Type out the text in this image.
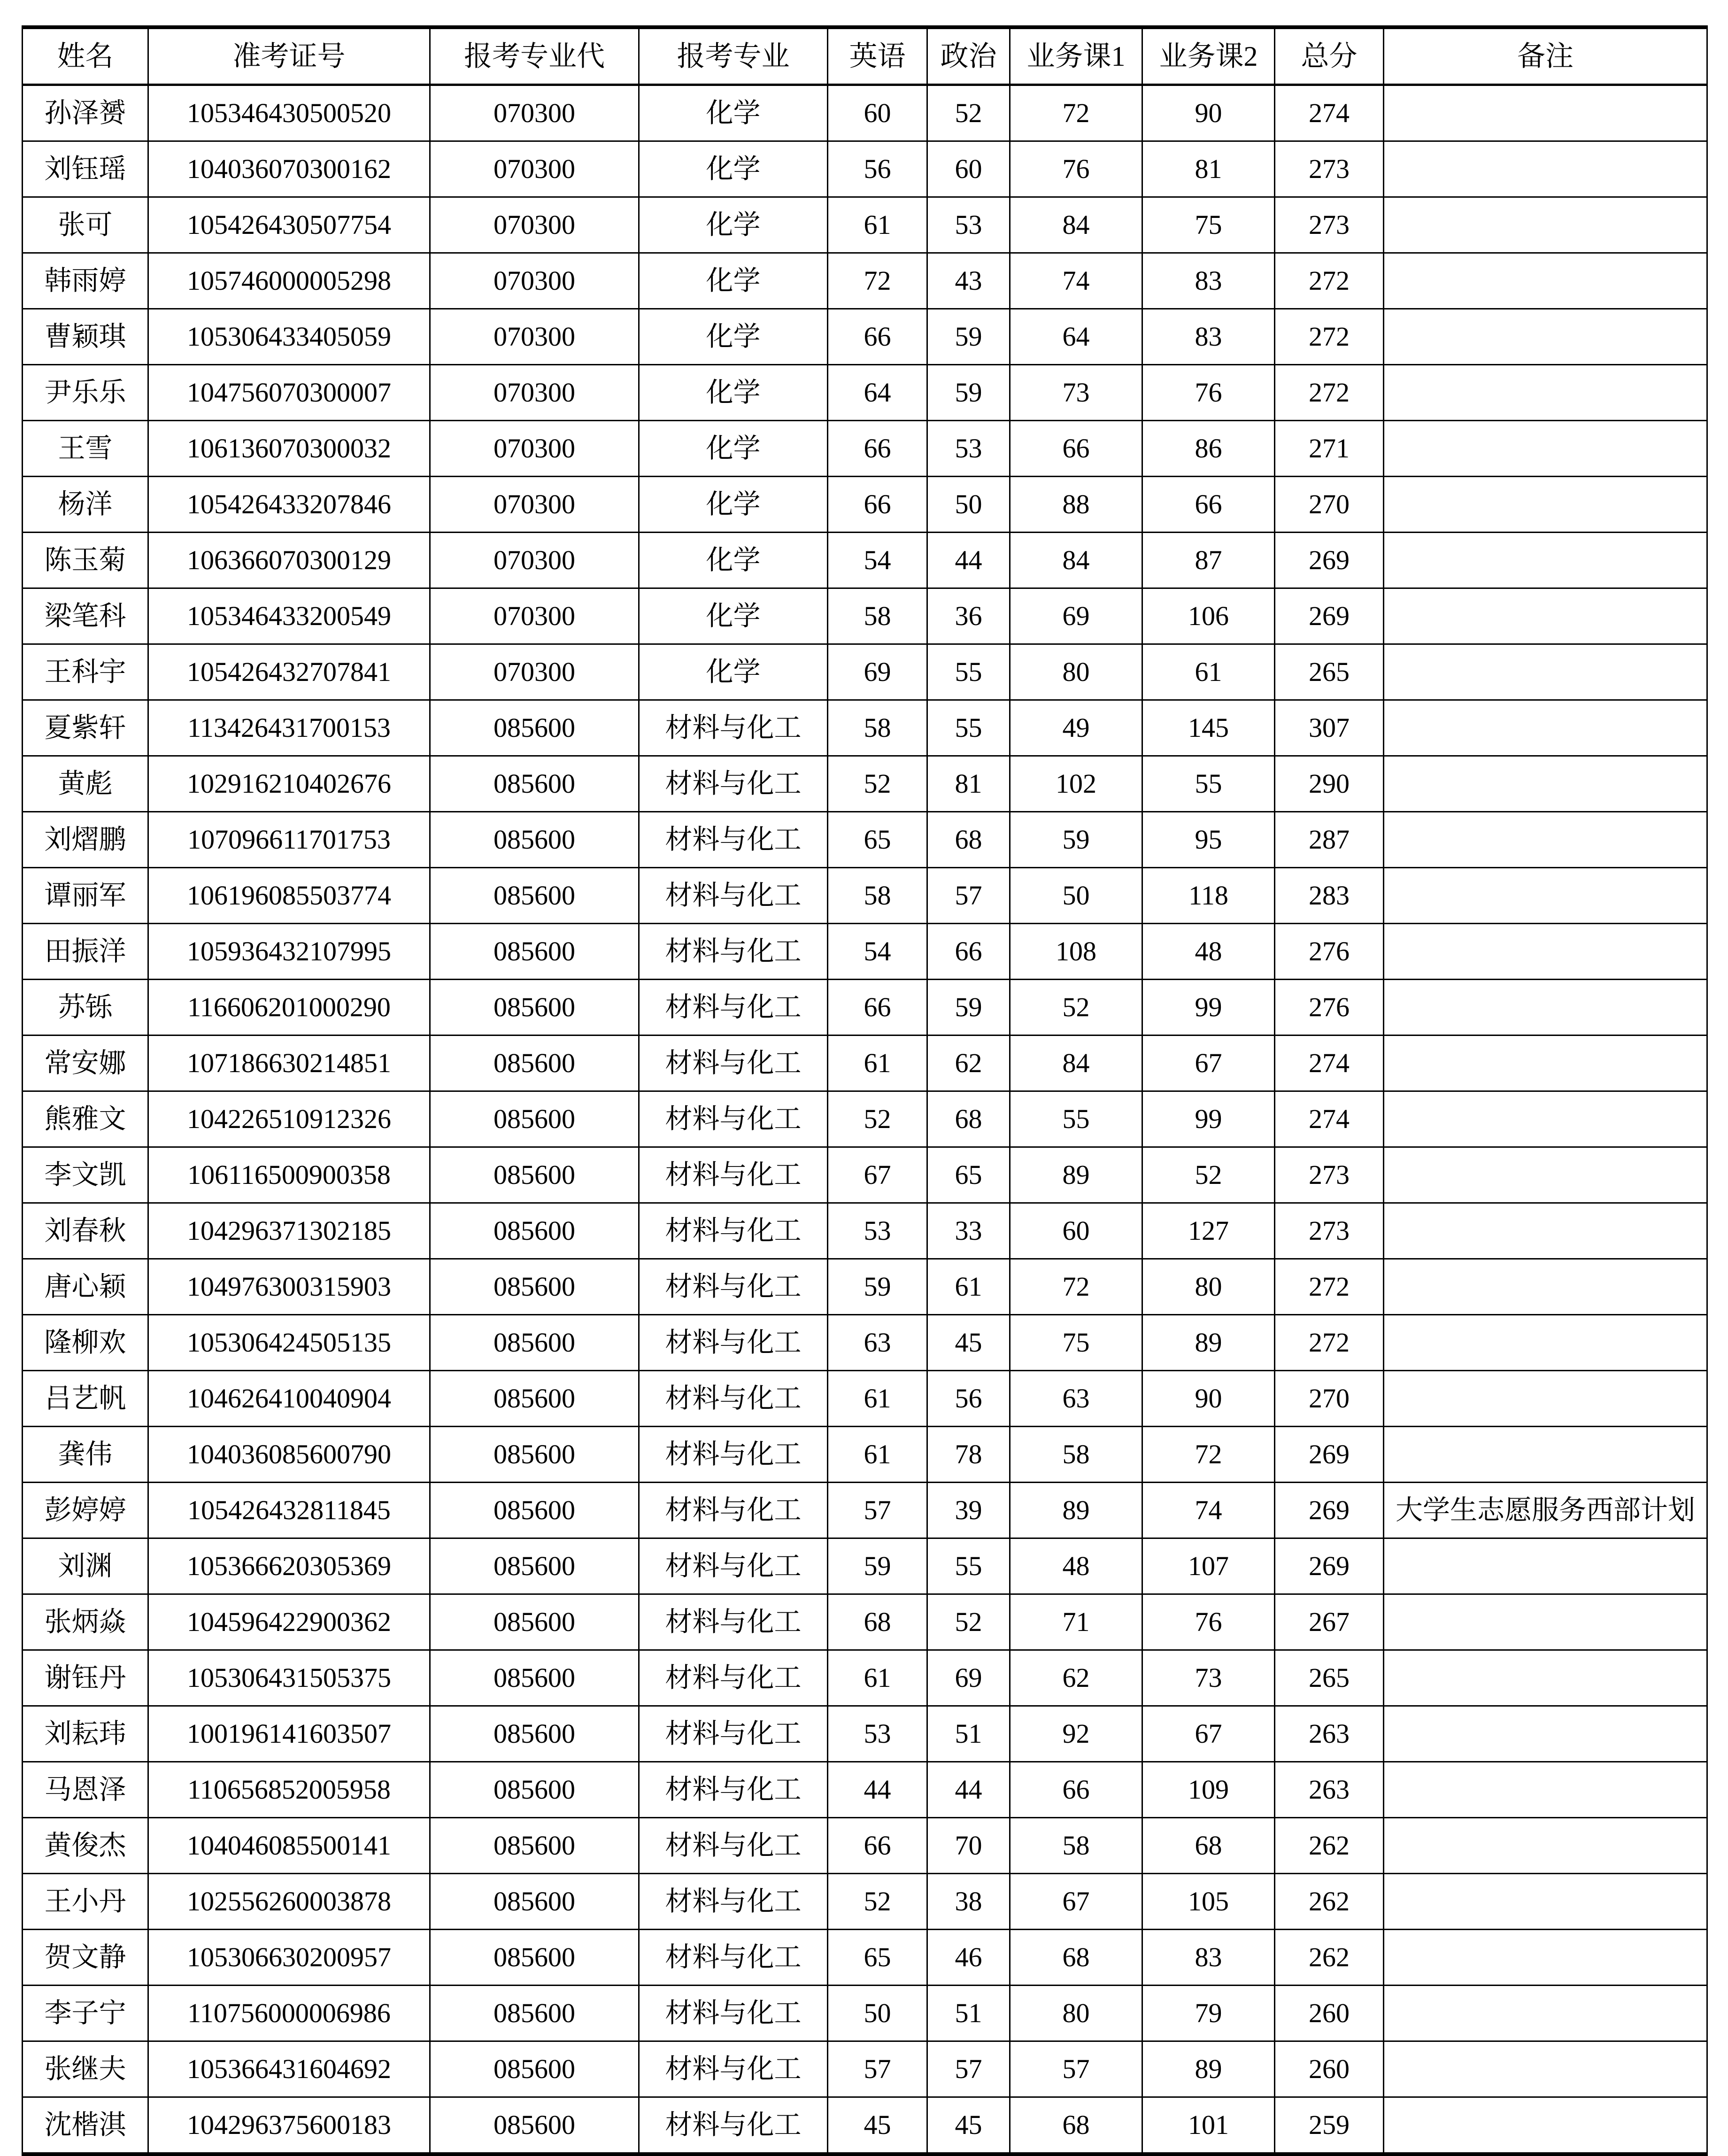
姓名	准考证号	报考专业代	报考专业	英语	政治	业务课1	业务课2	总分	备注
孙泽赟	105346430500520	070300	化学	60	52	72	90	274	
刘钰瑶	104036070300162	070300	化学	56	60	76	81	273	
张可	105426430507754	070300	化学	61	53	84	75	273	
韩雨婷	105746000005298	070300	化学	72	43	74	83	272	
曹颖琪	105306433405059	070300	化学	66	59	64	83	272	
尹乐乐	104756070300007	070300	化学	64	59	73	76	272	
王雪	106136070300032	070300	化学	66	53	66	86	271	
杨洋	105426433207846	070300	化学	66	50	88	66	270	
陈玉菊	106366070300129	070300	化学	54	44	84	87	269	
梁笔科	105346433200549	070300	化学	58	36	69	106	269	
王科宇	105426432707841	070300	化学	69	55	80	61	265	
夏紫轩	113426431700153	085600	材料与化工	58	55	49	145	307	
黄彪	102916210402676	085600	材料与化工	52	81	102	55	290	
刘熠鹏	107096611701753	085600	材料与化工	65	68	59	95	287	
谭丽军	106196085503774	085600	材料与化工	58	57	50	118	283	
田振洋	105936432107995	085600	材料与化工	54	66	108	48	276	
苏铄	116606201000290	085600	材料与化工	66	59	52	99	276	
常安娜	107186630214851	085600	材料与化工	61	62	84	67	274	
熊雅文	104226510912326	085600	材料与化工	52	68	55	99	274	
李文凯	106116500900358	085600	材料与化工	67	65	89	52	273	
刘春秋	104296371302185	085600	材料与化工	53	33	60	127	273	
唐心颖	104976300315903	085600	材料与化工	59	61	72	80	272	
隆柳欢	105306424505135	085600	材料与化工	63	45	75	89	272	
吕艺帆	104626410040904	085600	材料与化工	61	56	63	90	270	
龚伟	104036085600790	085600	材料与化工	61	78	58	72	269	
彭婷婷	105426432811845	085600	材料与化工	57	39	89	74	269	大学生志愿服务西部计划
刘渊	105366620305369	085600	材料与化工	59	55	48	107	269	
张炳焱	104596422900362	085600	材料与化工	68	52	71	76	267	
谢钰丹	105306431505375	085600	材料与化工	61	69	62	73	265	
刘耘玮	100196141603507	085600	材料与化工	53	51	92	67	263	
马恩泽	110656852005958	085600	材料与化工	44	44	66	109	263	
黄俊杰	104046085500141	085600	材料与化工	66	70	58	68	262	
王小丹	102556260003878	085600	材料与化工	52	38	67	105	262	
贺文静	105306630200957	085600	材料与化工	65	46	68	83	262	
李子宁	110756000006986	085600	材料与化工	50	51	80	79	260	
张继夫	105366431604692	085600	材料与化工	57	57	57	89	260	
沈楷淇	104296375600183	085600	材料与化工	45	45	68	101	259	
